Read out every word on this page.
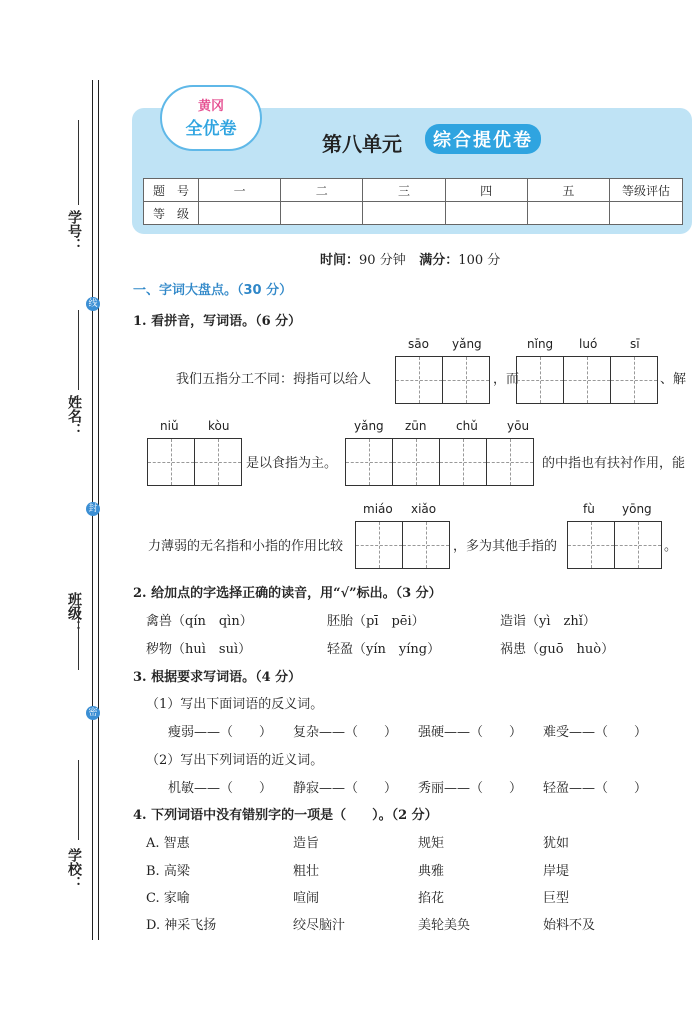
学号：
线
姓名：
封
班级：
密
学校：
黄冈
全优卷
第八单元	综合提优卷
题　号	一	二	三	四	五	等级评估
等　级						
时间：90 分钟 满分：100 分
一、字词大盘点。（30 分）
1. 看拼音，写词语。（6 分）
我们五指分工不同：拇指可以给人
sāo yǎng
，而
nǐng luó	sī
、解
niǔ kòu
是以食指为主。
yǎng zūn chǔ yōu
的中指也有扶衬作用，能
力薄弱的无名指和小指的作用比较
miáo xiǎo
，多为其他手指的
fù yōng
。
2. 给加点的字选择正确的读音，用“√”标出。（3 分）
禽兽（qín　qìn）	胚胎（pī　pēi）	造诣（yì　zhǐ）
秽物（huì　suì）	轻盈（yín　yíng）	祸患（guō　huò）
3. 根据要求写词语。（4 分）
（1）写出下面词语的反义词。
瘦弱——（　　） 复杂——（　　） 强硬——（　　） 难受——（　　）
（2）写出下列词语的近义词。
机敏——（　　） 静寂——（　　） 秀丽——（　　） 轻盈——（　　）
4. 下列词语中没有错别字的一项是（　　）。（2 分）
A. 智惠	造旨	规矩	犹如
B. 高梁	粗壮	典雅	岸堤
C. 家喻	喧闹	掐花	巨型
D. 神采飞扬	绞尽脑汁	美轮美奂	始料不及
